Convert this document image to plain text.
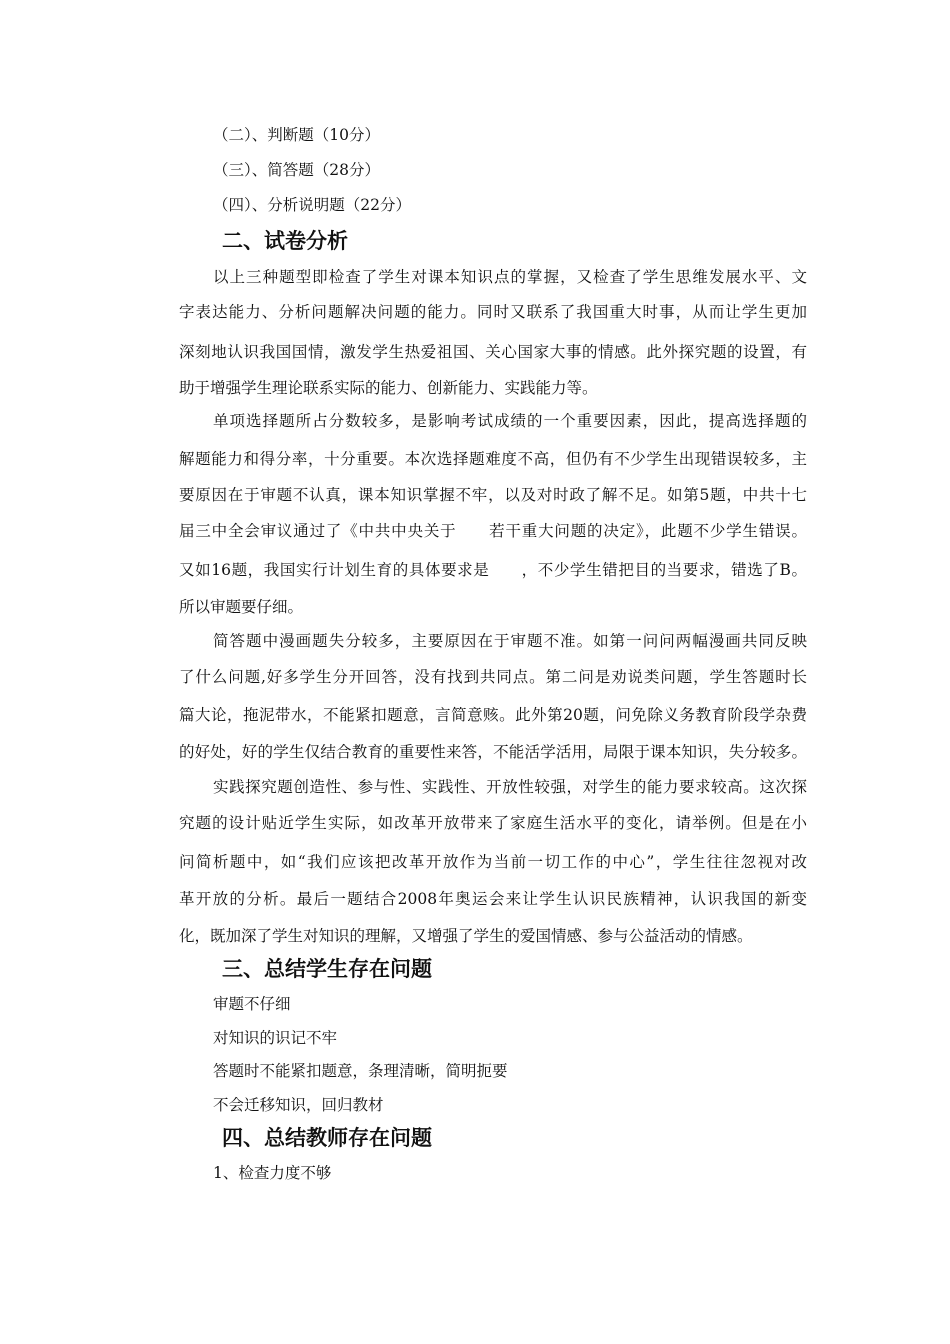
（二）、判断题（10分）
（三）、简答题（28分）
（四）、分析说明题（22分）
二、试卷分析
以上三种题型即检查了学生对课本知识点的掌握，又检查了学生思维发展水平、文
字表达能力、分析问题解决问题的能力。同时又联系了我国重大时事，从而让学生更加
深刻地认识我国国情，激发学生热爱祖国、关心国家大事的情感。此外探究题的设置，有
助于增强学生理论联系实际的能力、创新能力、实践能力等。
单项选择题所占分数较多，是影响考试成绩的一个重要因素，因此，提高选择题的
解题能力和得分率，十分重要。本次选择题难度不高，但仍有不少学生出现错误较多，主
要原因在于审题不认真，课本知识掌握不牢，以及对时政了解不足。如第5题，中共十七
届三中全会审议通过了《中共中央关于　　若干重大问题的决定》，此题不少学生错误。
又如16题，我国实行计划生育的具体要求是　　，不少学生错把目的当要求，错选了B。
所以审题要仔细。
简答题中漫画题失分较多，主要原因在于审题不准。如第一问问两幅漫画共同反映
了什么问题,好多学生分开回答，没有找到共同点。第二问是劝说类问题，学生答题时长
篇大论，拖泥带水，不能紧扣题意，言简意赅。此外第20题，问免除义务教育阶段学杂费
的好处，好的学生仅结合教育的重要性来答，不能活学活用，局限于课本知识，失分较多。
实践探究题创造性、参与性、实践性、开放性较强，对学生的能力要求较高。这次探
究题的设计贴近学生实际，如改革开放带来了家庭生活水平的变化，请举例。但是在小
问简析题中，如“我们应该把改革开放作为当前一切工作的中心”，学生往往忽视对改
革开放的分析。最后一题结合2008年奥运会来让学生认识民族精神，认识我国的新变
化，既加深了学生对知识的理解，又增强了学生的爱国情感、参与公益活动的情感。
三、总结学生存在问题
审题不仔细
对知识的识记不牢
答题时不能紧扣题意，条理清晰，简明扼要
不会迁移知识，回归教材
四、总结教师存在问题
1、检查力度不够
